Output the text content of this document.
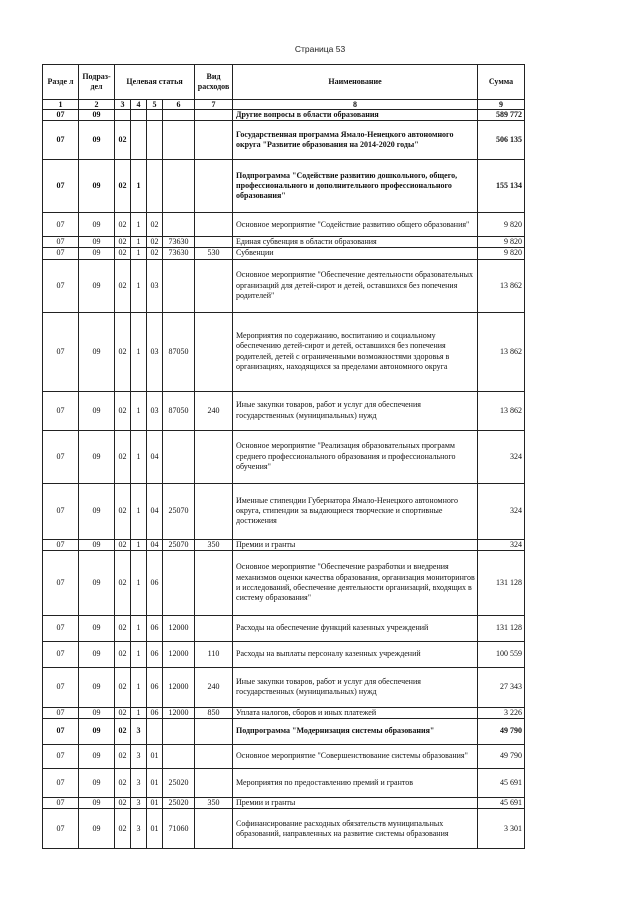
Страница 53
Разде л	Подраз- дел	Целевая статья				Вид расходов	Наименование	Сумма
1	2	3	4	5	6	7	8	9
07	09						Другие вопросы в области образования	589 772
07	09	02					Государственная программа Ямало-Ненецкого автономного округа "Развитие образования на 2014-2020 годы"	506 135
07	09	02	1				Подпрограмма "Содействие развитию дошкольного, общего, профессионального и дополнительного профессионального образования"	155 134
07	09	02	1	02			Основное мероприятие "Содействие развитию общего образования"	9 820
07	09	02	1	02	73630		Единая субвенция в области образования	9 820
07	09	02	1	02	73630	530	Субвенции	9 820
07	09	02	1	03			Основное мероприятие "Обеспечение деятельности образовательных организаций для детей-сирот и детей, оставшихся без попечения родителей"	13 862
07	09	02	1	03	87050		Мероприятия по содержанию, воспитанию и социальному обеспечению детей-сирот и детей, оставшихся без попечения родителей, детей с ограниченными возможностями здоровья в организациях, находящихся за пределами автономного округа	13 862
07	09	02	1	03	87050	240	Иные закупки товаров, работ и услуг для обеспечения государственных (муниципальных) нужд	13 862
07	09	02	1	04			Основное мероприятие "Реализация образовательных программ среднего профессионального образования и профессионального обучения"	324
07	09	02	1	04	25070		Именные стипендии Губернатора Ямало-Ненецкого автономного округа, стипендии за выдающиеся творческие и спортивные достижения	324
07	09	02	1	04	25070	350	Премии и гранты	324
07	09	02	1	06			Основное мероприятие "Обеспечение разработки и внедрения механизмов оценки качества образования, организация мониторингов и исследований, обеспечение деятельности организаций, входящих в систему образования"	131 128
07	09	02	1	06	12000		Расходы на обеспечение функций казенных учреждений	131 128
07	09	02	1	06	12000	110	Расходы на выплаты персоналу казенных учреждений	100 559
07	09	02	1	06	12000	240	Иные закупки товаров, работ и услуг для обеспечения государственных (муниципальных) нужд	27 343
07	09	02	1	06	12000	850	Уплата налогов, сборов и иных платежей	3 226
07	09	02	3				Подпрограмма "Модернизация системы образования"	49 790
07	09	02	3	01			Основное мероприятие "Совершенствование системы образования"	49 790
07	09	02	3	01	25020		Мероприятия по предоставлению премий и грантов	45 691
07	09	02	3	01	25020	350	Премии и гранты	45 691
07	09	02	3	01	71060		Софинансирование расходных обязательств муниципальных образований, направленных на развитие системы образования	3 301
